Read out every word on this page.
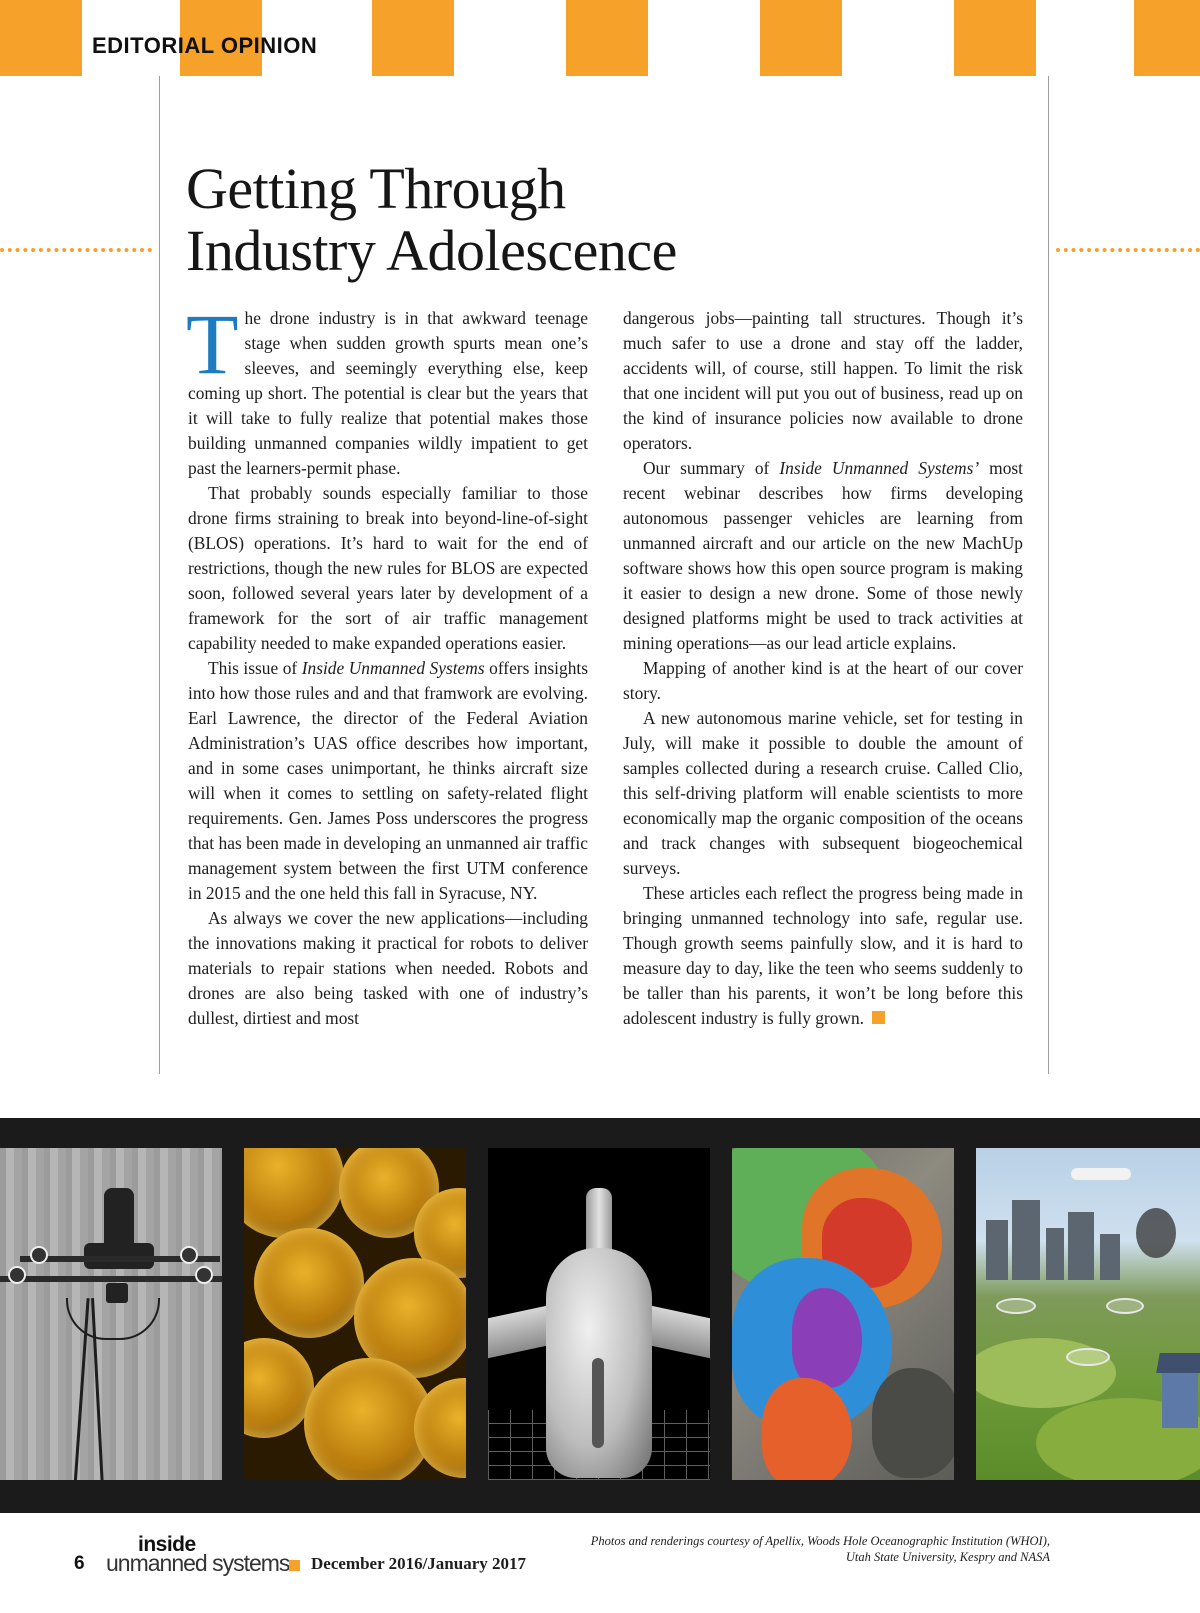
EDITORIAL OPINION
Getting Through
Industry Adolescence

The drone industry is in that awkward teenage stage when sudden growth spurts mean one’s sleeves, and seemingly everything else, keep coming up short. The potential is clear but the years that it will take to fully realize that potential makes those building unmanned companies wildly impatient to get past the learners-permit phase.

That probably sounds especially familiar to those drone firms straining to break into beyond-line-of-sight (BLOS) operations. It’s hard to wait for the end of restrictions, though the new rules for BLOS are expected soon, followed several years later by development of a framework for the sort of air traffic management capability needed to make expanded operations easier.

This issue of Inside Unmanned Systems offers insights into how those rules and and that framwork are evolving. Earl Lawrence, the director of the Federal Aviation Administration’s UAS office describes how important, and in some cases unimportant, he thinks aircraft size will when it comes to settling on safety-related flight requirements. Gen. James Poss underscores the progress that has been made in developing an unmanned air traffic management system between the first UTM conference in 2015 and the one held this fall in Syracuse, NY.

As always we cover the new applications—including the innovations making it practical for robots to deliver materials to repair stations when needed. Robots and drones are also being tasked with one of industry’s dullest, dirtiest and most

dangerous jobs—painting tall structures. Though it’s much safer to use a drone and stay off the ladder, accidents will, of course, still happen. To limit the risk that one incident will put you out of business, read up on the kind of insurance policies now available to drone operators.

Our summary of Inside Unmanned Systems’ most recent webinar describes how firms developing autonomous passenger vehicles are learning from unmanned aircraft and our article on the new MachUp software shows how this open source program is making it easier to design a new drone. Some of those newly designed platforms might be used to track activities at mining operations—as our lead article explains.

Mapping of another kind is at the heart of our cover story.

A new autonomous marine vehicle, set for testing in July, will make it possible to double the amount of samples collected during a research cruise. Called Clio, this self-driving platform will enable scientists to more economically map the organic composition of the oceans and track changes with subsequent biogeochemical surveys.

These articles each reflect the progress being made in bringing unmanned technology into safe, regular use. Though growth seems painfully slow, and it is hard to measure day to day, like the teen who seems suddenly to be taller than his parents, it won’t be long before this adolescent industry is fully grown.

6

inside

unmanned systems December 2016/January 2017

Photos and renderings courtesy of Apellix, Woods Hole Oceanographic Institution (WHOI),
Utah State University, Kespry and NASA
